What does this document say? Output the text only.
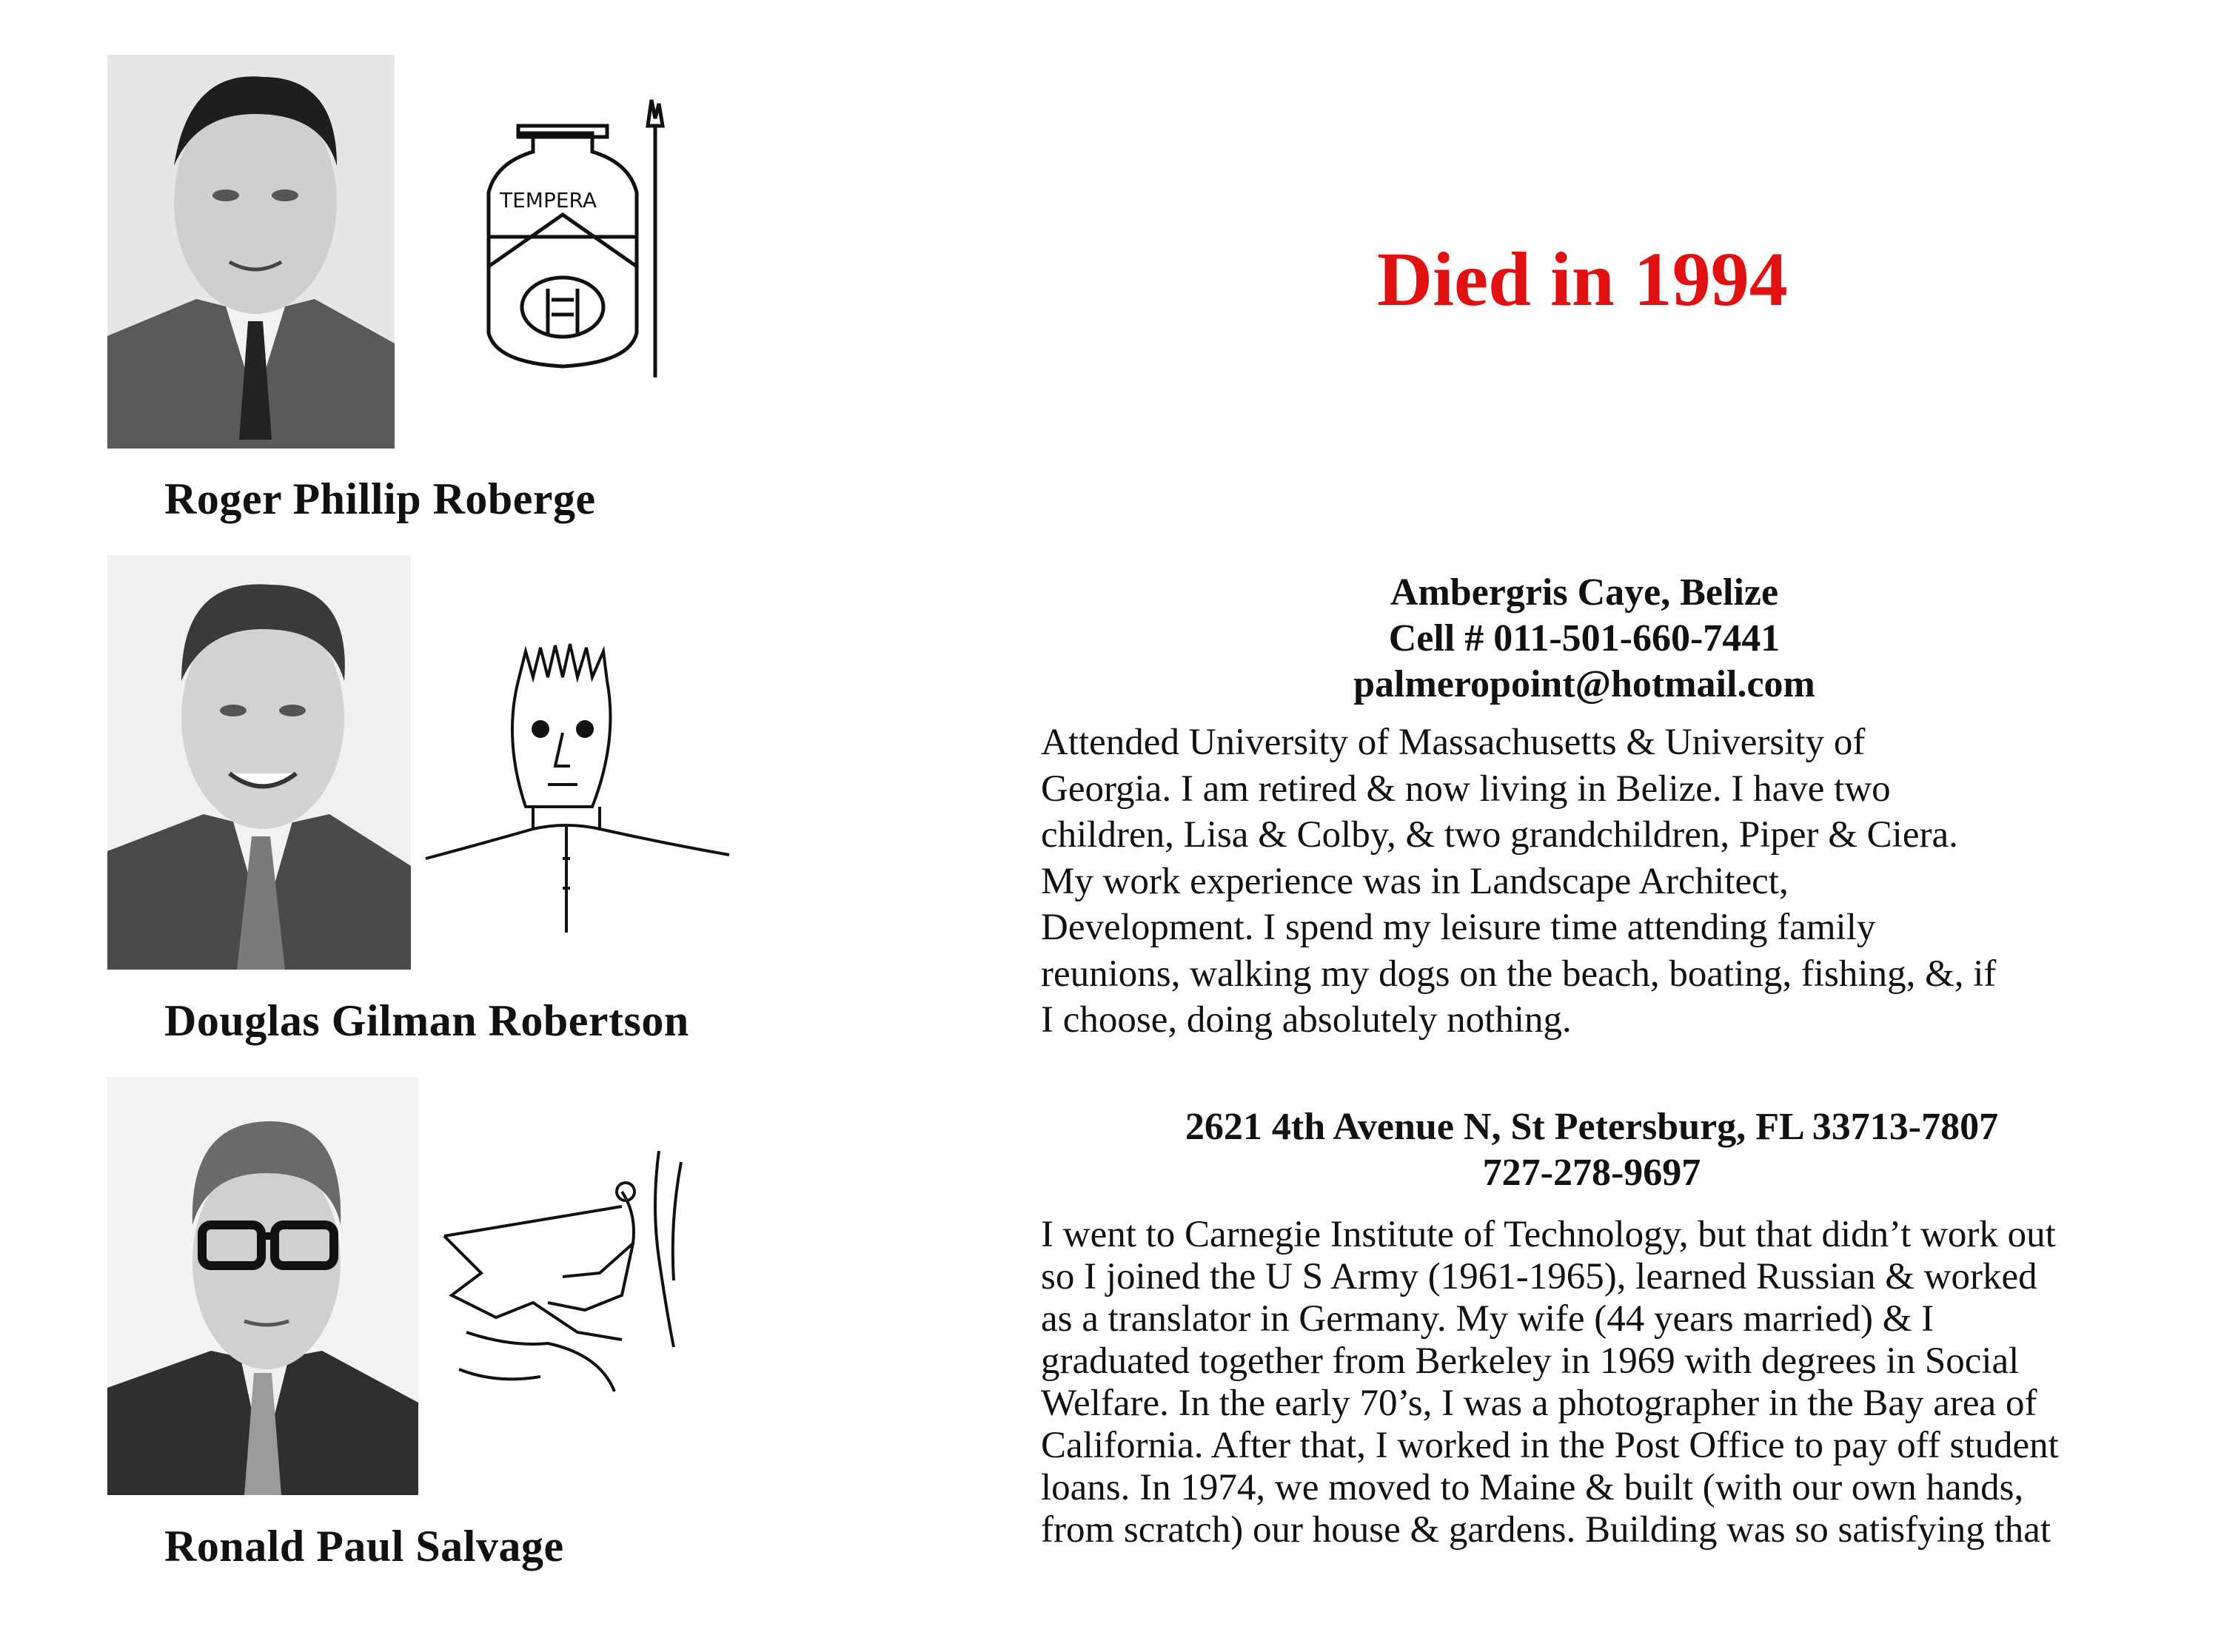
TEMPERA
Roger Phillip Roberge
Died in 1994
Douglas Gilman Robertson
Ambergris Caye, Belize
Cell # 011-501-660-7441
palmeropoint@hotmail.com
Attended University of Massachusetts & University of
Georgia. I am retired & now living in Belize. I have two
children, Lisa & Colby, & two grandchildren, Piper & Ciera.
My work experience was in Landscape Architect,
Development. I spend my leisure time attending family
reunions, walking my dogs on the beach, boating, fishing, &, if
I choose, doing absolutely nothing.
Ronald Paul Salvage
2621 4th Avenue N, St Petersburg, FL 33713-7807
727-278-9697
I went to Carnegie Institute of Technology, but that didn’t work out
so I joined the U S Army (1961-1965), learned Russian & worked
as a translator in Germany. My wife (44 years married) & I
graduated together from Berkeley in 1969 with degrees in Social
Welfare. In the early 70’s, I was a photographer in the Bay area of
California. After that, I worked in the Post Office to pay off student
loans. In 1974, we moved to Maine & built (with our own hands,
from scratch) our house & gardens. Building was so satisfying that
